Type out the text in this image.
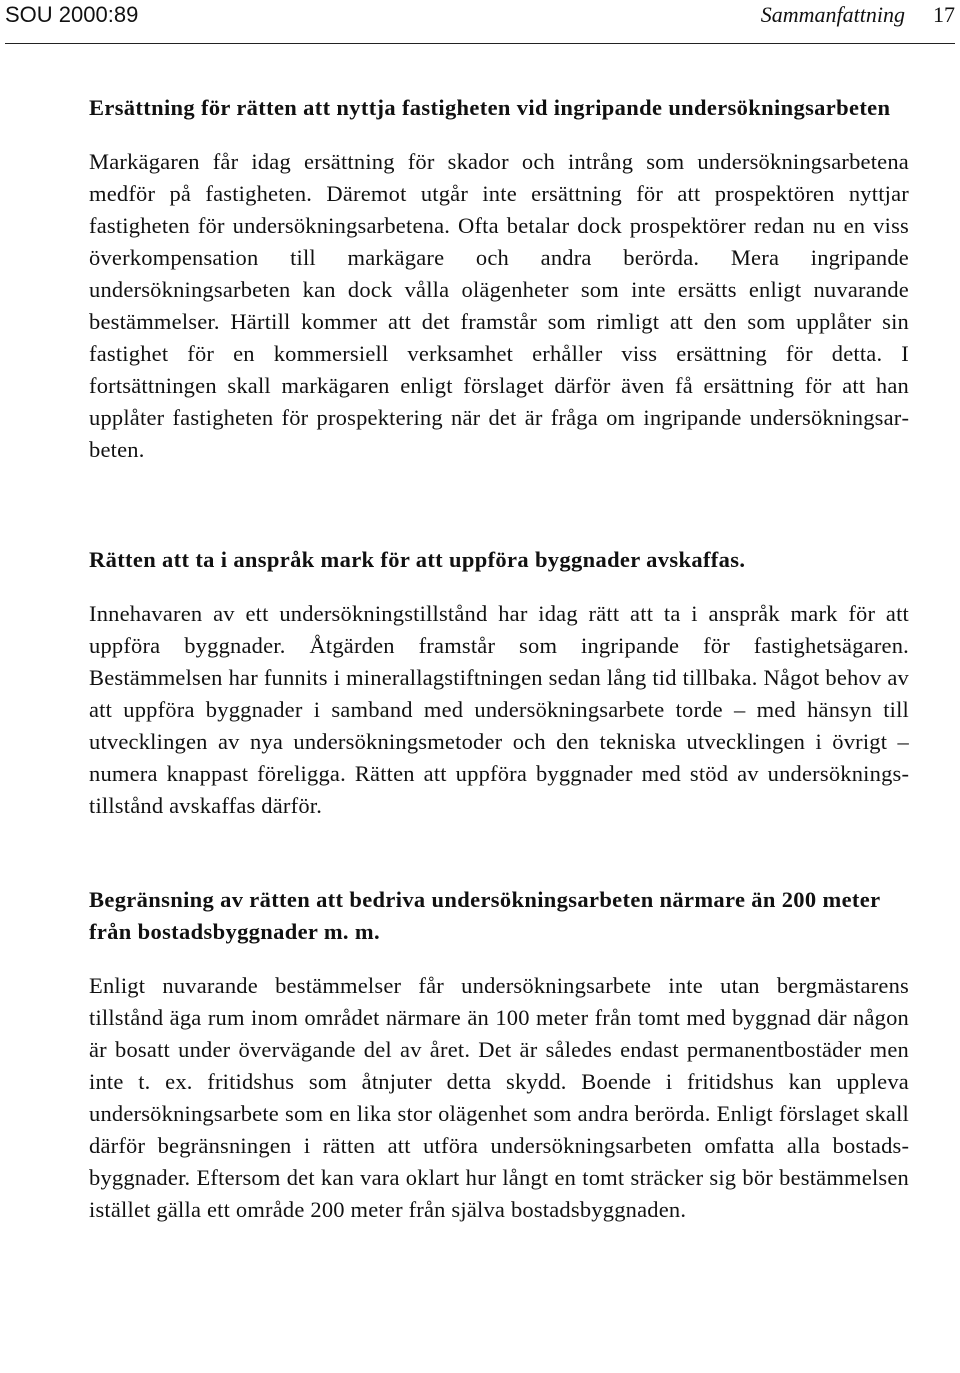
SOU 2000:89	Sammanfattning 17
Ersättning för rätten att nyttja fastigheten vid ingripande undersökningsarbeten

Markägaren får idag ersättning för skador och intrång som undersökningsarbetena medför på fastigheten. Däremot utgår inte ersättning för att prospektören nyttjar fastigheten för undersökningsarbetena. Ofta betalar dock prospektörer redan nu en viss överkompensation till markägare och andra berörda. Mera ingripande undersökningsarbeten kan dock vålla olägenheter som inte ersätts enligt nuvarande bestämmelser. Härtill kommer att det framstår som rimligt att den som upplåter sin fastighet för en kommersiell verksamhet erhåller viss ersättning för detta. I fortsättningen skall markägaren enligt förslaget därför även få ersättning för att han upplåter fastigheten för prospektering när det är fråga om ingripande undersökningsarbeten.

Rätten att ta i anspråk mark för att uppföra byggnader avskaffas.

Innehavaren av ett undersökningstillstånd har idag rätt att ta i anspråk mark för att uppföra byggnader. Åtgärden framstår som ingripande för fastighetsägaren. Bestämmelsen har funnits i minerallagstiftningen sedan lång tid tillbaka. Något behov av att uppföra byggnader i samband med undersökningsarbete torde – med hänsyn till utvecklingen av nya undersökningsmetoder och den tekniska utvecklingen i övrigt – numera knappast föreligga. Rätten att uppföra byggnader med stöd av undersökningstillstånd avskaffas därför.

Begränsning av rätten att bedriva undersökningsarbeten närmare än 200 meter från bostadsbyggnader m. m.

Enligt nuvarande bestämmelser får undersökningsarbete inte utan bergmästarens tillstånd äga rum inom området närmare än 100 meter från tomt med byggnad där någon är bosatt under övervägande del av året. Det är således endast permanentbostäder men inte t. ex. fritidshus som åtnjuter detta skydd. Boende i fritidshus kan uppleva undersökningsarbete som en lika stor olägenhet som andra berörda. Enligt förslaget skall därför begränsningen i rätten att utföra undersökningsarbeten omfatta alla bostadsbyggnader. Eftersom det kan vara oklart hur långt en tomt sträcker sig bör bestämmelsen istället gälla ett område 200 meter från själva bostadsbyggnaden.
